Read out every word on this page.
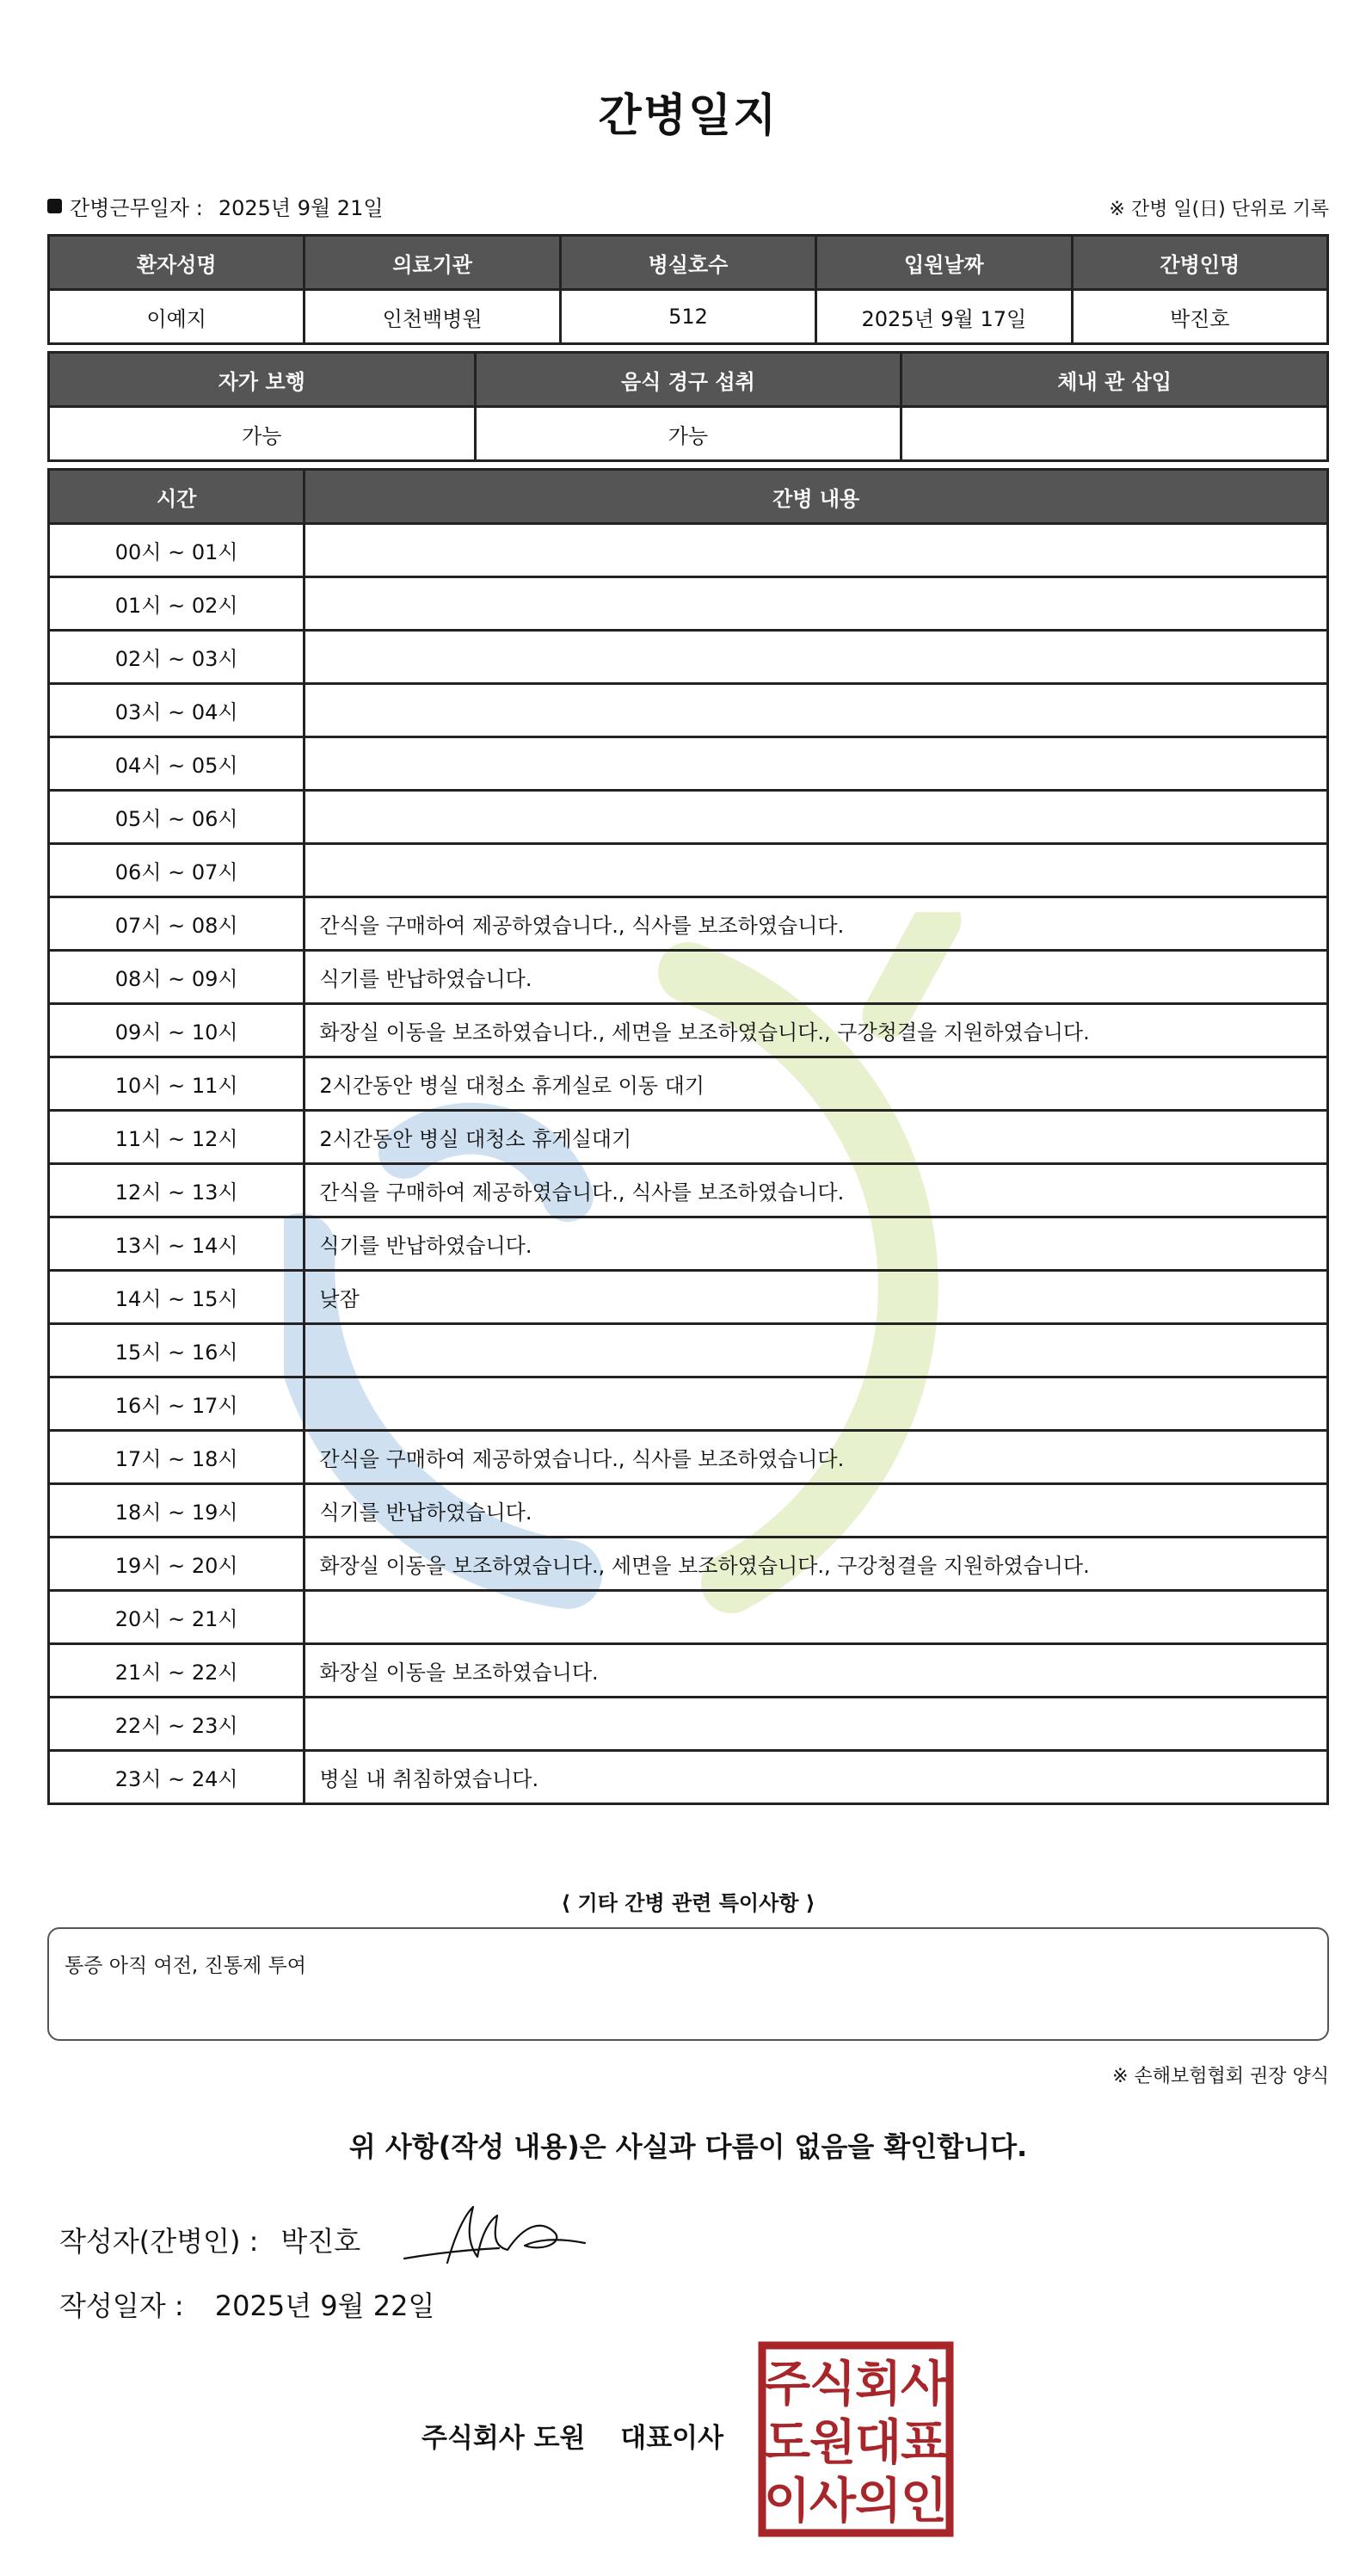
간병일지
간병근무일자 : 2025년 9월 21일	※ 간병 일(日) 단위로 기록
환자성명	의료기관	병실호수	입원날짜	간병인명
이예지	인천백병원	512	2025년 9월 17일	박진호
자가 보행	음식 경구 섭취	체내 관 삽입
가능	가능	
시간	간병 내용
00시 ~ 01시	
01시 ~ 02시	
02시 ~ 03시	
03시 ~ 04시	
04시 ~ 05시	
05시 ~ 06시	
06시 ~ 07시	
07시 ~ 08시	간식을 구매하여 제공하였습니다., 식사를 보조하였습니다.
08시 ~ 09시	식기를 반납하였습니다.
09시 ~ 10시	화장실 이동을 보조하였습니다., 세면을 보조하였습니다., 구강청결을 지원하였습니다.
10시 ~ 11시	2시간동안 병실 대청소 휴게실로 이동 대기
11시 ~ 12시	2시간동안 병실 대청소 휴게실대기
12시 ~ 13시	간식을 구매하여 제공하였습니다., 식사를 보조하였습니다.
13시 ~ 14시	식기를 반납하였습니다.
14시 ~ 15시	낮잠
15시 ~ 16시	
16시 ~ 17시	
17시 ~ 18시	간식을 구매하여 제공하였습니다., 식사를 보조하였습니다.
18시 ~ 19시	식기를 반납하였습니다.
19시 ~ 20시	화장실 이동을 보조하였습니다., 세면을 보조하였습니다., 구강청결을 지원하였습니다.
20시 ~ 21시	
21시 ~ 22시	화장실 이동을 보조하였습니다.
22시 ~ 23시	
23시 ~ 24시	병실 내 취침하였습니다.
⟨ 기타 간병 관련 특이사항 ⟩
통증 아직 여전, 진통제 투여
※ 손해보험협회 권장 양식
위 사항(작성 내용)은 사실과 다름이 없음을 확인합니다.
작성자(간병인) : 박진호
작성일자 : 2025년 9월 22일
주식회사 도원 대표이사
주
식
회
사
도
원
대
표
이
사
의
인
